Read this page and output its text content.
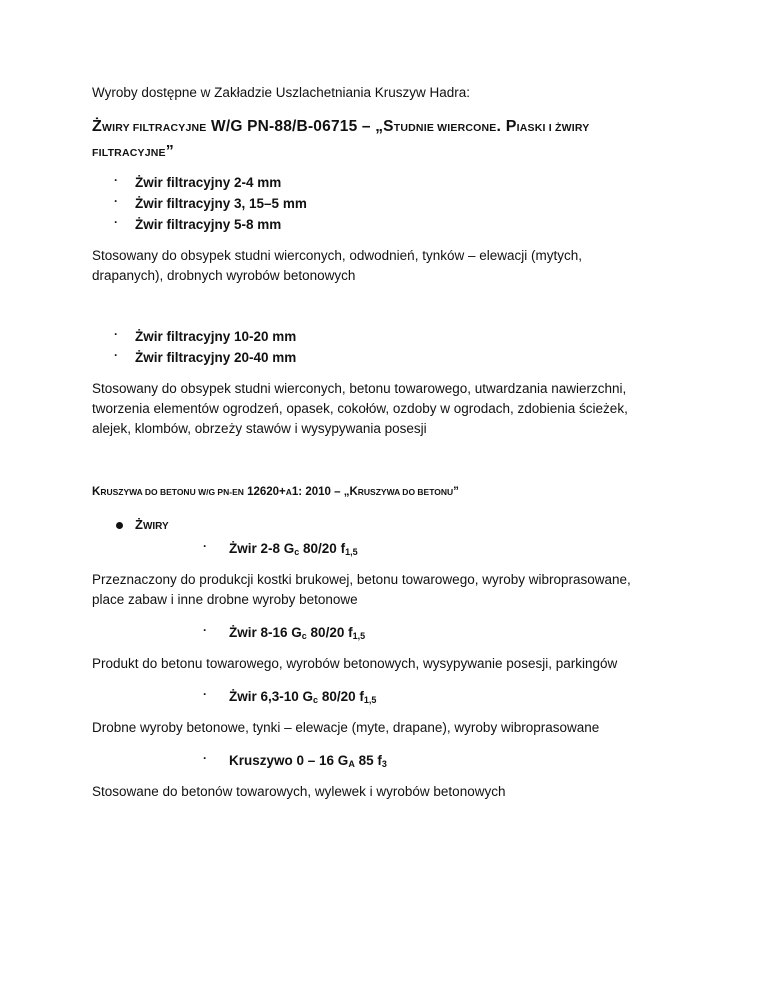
Wyroby dostępne w Zakładzie Uszlachetniania Kruszyw Hadra:

ŻWIRY FILTRACYJNE W/G PN-88/B-06715 – „STUDNIE WIERCONE. PIASKI I ŻWIRY
FILTRACYJNE”
· Żwir filtracyjny 2-4 mm
· Żwir filtracyjny 3, 15–5 mm
· Żwir filtracyjny 5-8 mm

Stosowany do obsypek studni wierconych, odwodnień, tynków – elewacji (mytych,

drapanych), drobnych wyrobów betonowych

· Żwir filtracyjny 10-20 mm
· Żwir filtracyjny 20-40 mm

Stosowany do obsypek studni wierconych, betonu towarowego, utwardzania nawierzchni,

tworzenia elementów ogrodzeń, opasek, cokołów, ozdoby w ogrodach, zdobienia ścieżek,

alejek, klombów, obrzeży stawów i wysypywania posesji

KRUSZYWA DO BETONU W/G PN-EN 12620+A1: 2010 – „KRUSZYWA DO BETONU”
ŻWIRY
· Żwir 2-8 $G_c$ 80/20 $f_{1,5}$

Przeznaczony do produkcji kostki brukowej, betonu towarowego, wyroby wibroprasowane,

place zabaw i inne drobne wyroby betonowe

· Żwir 8-16 $G_c$ 80/20 $f_{1,5}$

Produkt do betonu towarowego, wyrobów betonowych, wysypywanie posesji, parkingów

· Żwir 6,3-10 $G_c$ 80/20 $f_{1,5}$

Drobne wyroby betonowe, tynki – elewacje (myte, drapane), wyroby wibroprasowane

· Kruszywo 0 – 16 $G_A$ 85 $f_3$

Stosowane do betonów towarowych, wylewek i wyrobów betonowych
